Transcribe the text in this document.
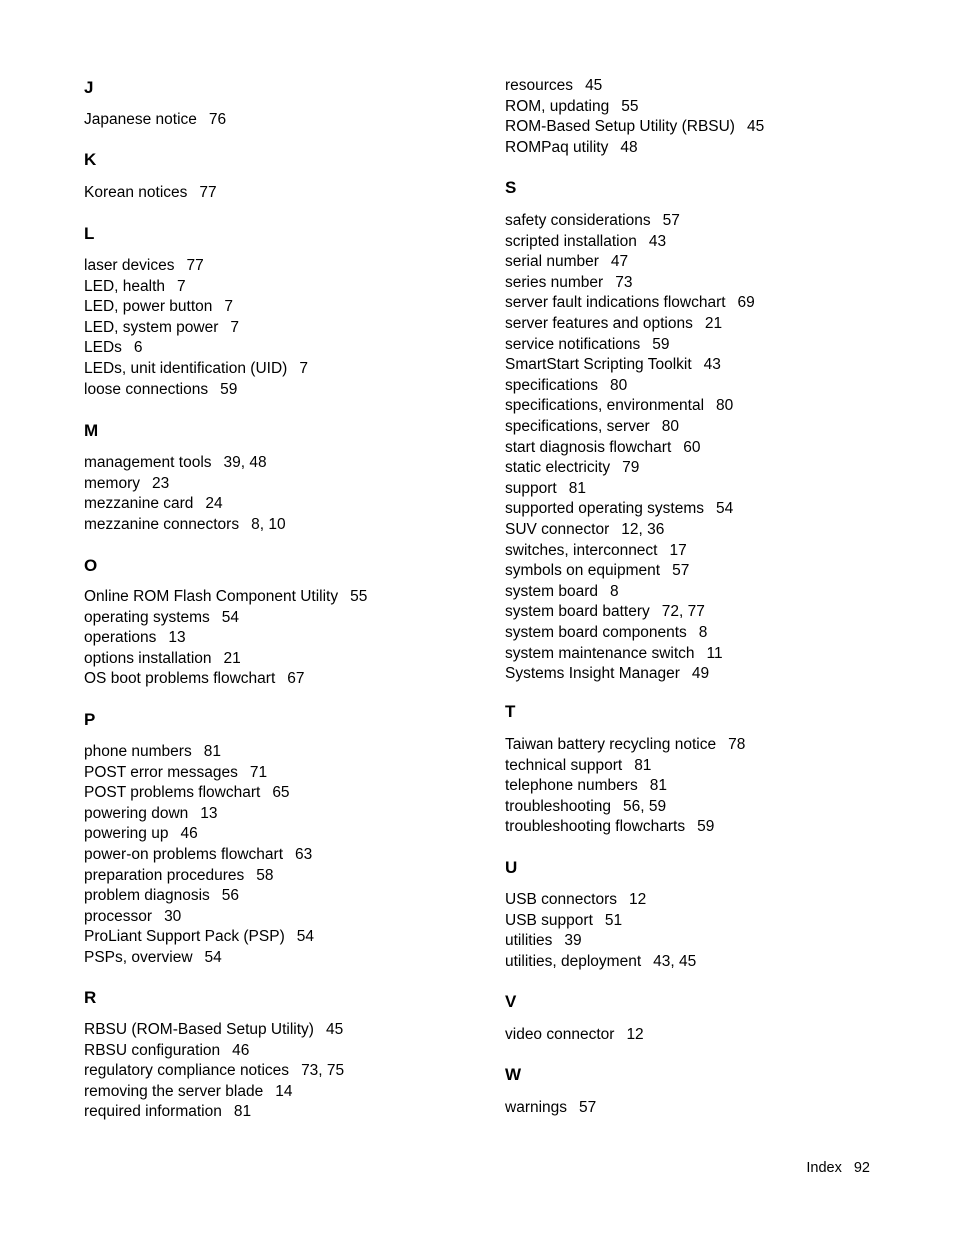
J
Japanese notice 76
K
Korean notices 77
L
laser devices 77
LED, health 7
LED, power button 7
LED, system power 7
LEDs 6
LEDs, unit identification (UID) 7
loose connections 59
M
management tools 39, 48
memory 23
mezzanine card 24
mezzanine connectors 8, 10
O
Online ROM Flash Component Utility 55
operating systems 54
operations 13
options installation 21
OS boot problems flowchart 67
P
phone numbers 81
POST error messages 71
POST problems flowchart 65
powering down 13
powering up 46
power-on problems flowchart 63
preparation procedures 58
problem diagnosis 56
processor 30
ProLiant Support Pack (PSP) 54
PSPs, overview 54
R
RBSU (ROM-Based Setup Utility) 45
RBSU configuration 46
regulatory compliance notices 73, 75
removing the server blade 14
required information 81
resources 45
ROM, updating 55
ROM-Based Setup Utility (RBSU) 45
ROMPaq utility 48
S
safety considerations 57
scripted installation 43
serial number 47
series number 73
server fault indications flowchart 69
server features and options 21
service notifications 59
SmartStart Scripting Toolkit 43
specifications 80
specifications, environmental 80
specifications, server 80
start diagnosis flowchart 60
static electricity 79
support 81
supported operating systems 54
SUV connector 12, 36
switches, interconnect 17
symbols on equipment 57
system board 8
system board battery 72, 77
system board components 8
system maintenance switch 11
Systems Insight Manager 49
T
Taiwan battery recycling notice 78
technical support 81
telephone numbers 81
troubleshooting 56, 59
troubleshooting flowcharts 59
U
USB connectors 12
USB support 51
utilities 39
utilities, deployment 43, 45
V
video connector 12
W
warnings 57
Index 92
